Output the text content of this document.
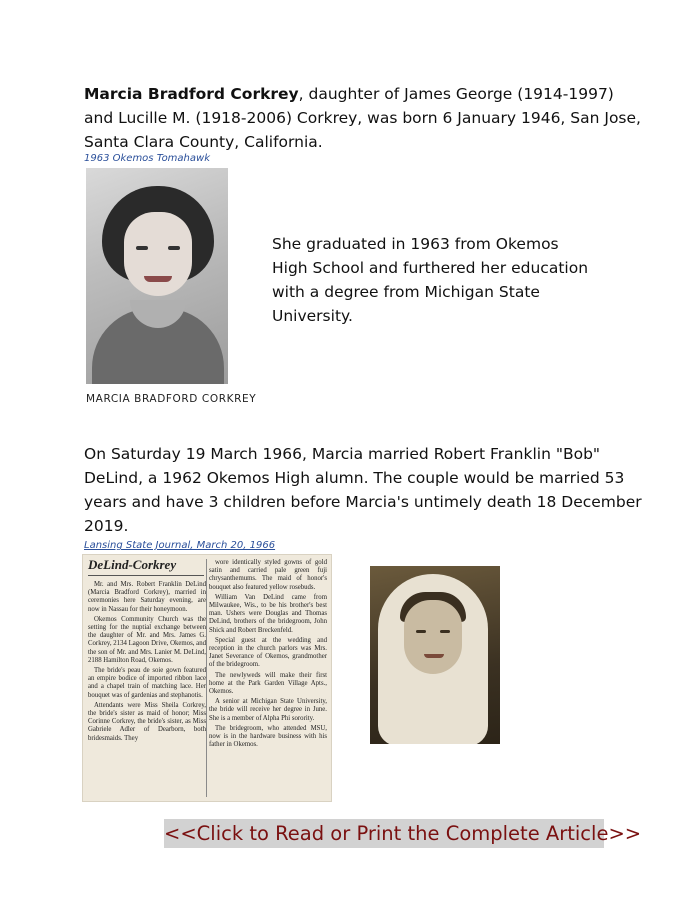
Marcia Bradford Corkrey, daughter of James George (1914-1997) and Lucille M. (1918-2006) Corkrey, was born 6 January 1946, San Jose, Santa Clara County, California.

1963 Okemos Tomahawk
MARCIA BRADFORD CORKREY

She graduated in 1963 from Okemos High School and furthered her education with a degree from Michigan State University.

On Saturday 19 March 1966, Marcia married Robert Franklin "Bob" DeLind, a 1962 Okemos High alumn. The couple would be married 53 years and have 3 children before Marcia's untimely death 18 December 2019.

Lansing State Journal, March 20, 1966
DeLind-Corkrey

Mr. and Mrs. Robert Franklin DeLind (Marcia Bradford Corkrey), married in ceremonies here Saturday evening, are now in Nassau for their honeymoon.

Okemos Community Church was the setting for the nuptial exchange between the daughter of Mr. and Mrs. James G. Corkrey, 2134 Lagoon Drive, Okemos, and the son of Mr. and Mrs. Lanier M. DeLind, 2188 Hamilton Road, Okemos.

The bride's peau de soie gown featured an empire bodice of imported ribbon lace and a chapel train of matching lace. Her bouquet was of gardenias and stephanotis.

Attendants were Miss Sheila Corkrey, the bride's sister as maid of honor; Miss Corinne Corkrey, the bride's sister, as Miss Gabriele Adler of Dearborn, both bridesmaids. They

wore identically styled gowns of gold satin and carried pale green fuji chrysanthemums. The maid of honor's bouquet also featured yellow rosebuds.

William Van DeLind came from Milwaukee, Wis., to be his brother's best man. Ushers were Douglas and Thomas DeLind, brothers of the bridegroom, John Shick and Robert Breckenfeld.

Special guest at the wedding and reception in the church parlors was Mrs. Janet Severance of Okemos, grandmother of the bridegroom.

The newlyweds will make their first home at the Park Garden Village Apts., Okemos.

A senior at Michigan State University, the bride will receive her degree in June. She is a member of Alpha Phi sorority.

The bridegroom, who attended MSU, now is in the hardware business with his father in Okemos.

<<Click to Read or Print the Complete Article>>
